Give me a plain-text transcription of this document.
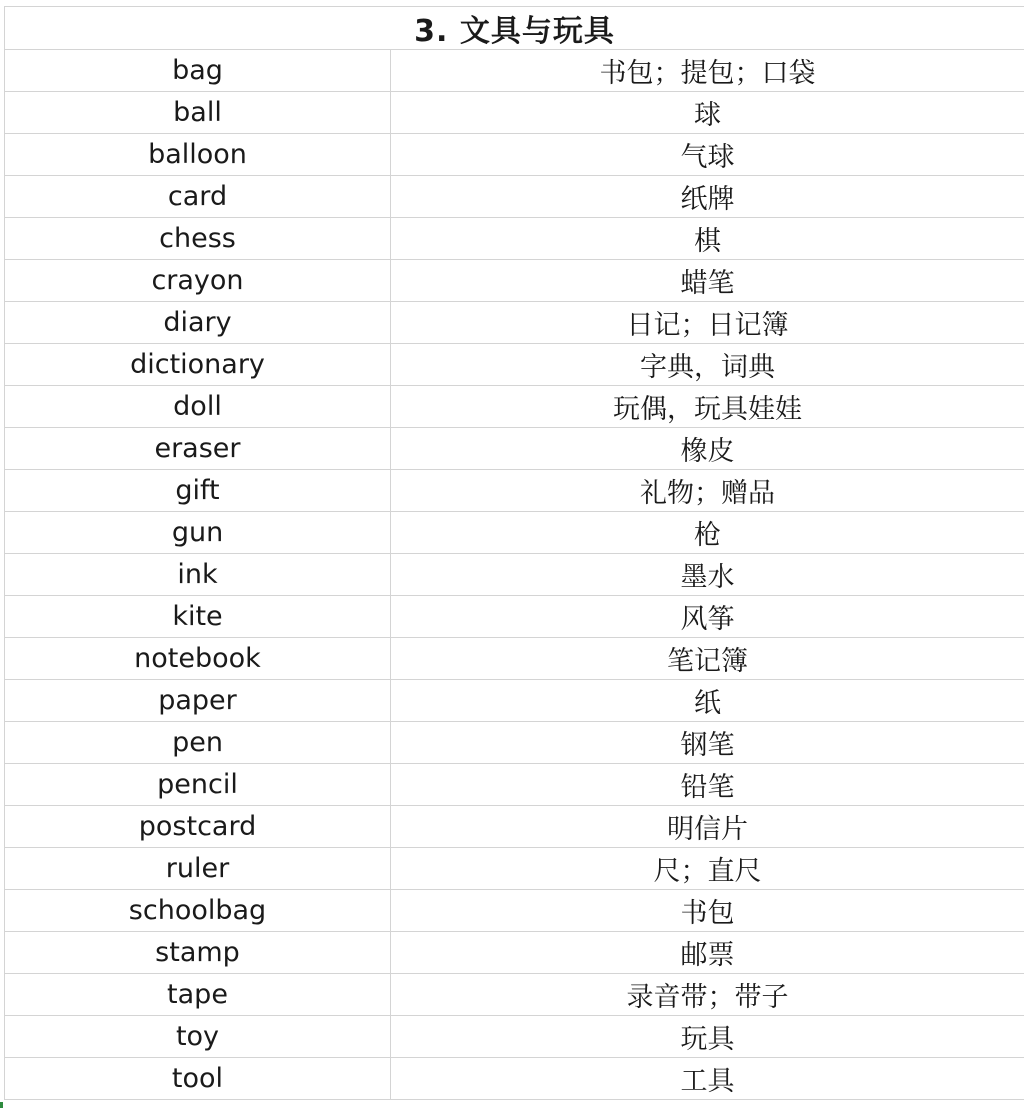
3. 文具与玩具
bag	书包；提包；口袋
ball	球
balloon	气球
card	纸牌
chess	棋
crayon	蜡笔
diary	日记；日记簿
dictionary	字典，词典
doll	玩偶，玩具娃娃
eraser	橡皮
gift	礼物；赠品
gun	枪
ink	墨水
kite	风筝
notebook	笔记簿
paper	纸
pen	钢笔
pencil	铅笔
postcard	明信片
ruler	尺；直尺
schoolbag	书包
stamp	邮票
tape	录音带；带子
toy	玩具
tool	工具
